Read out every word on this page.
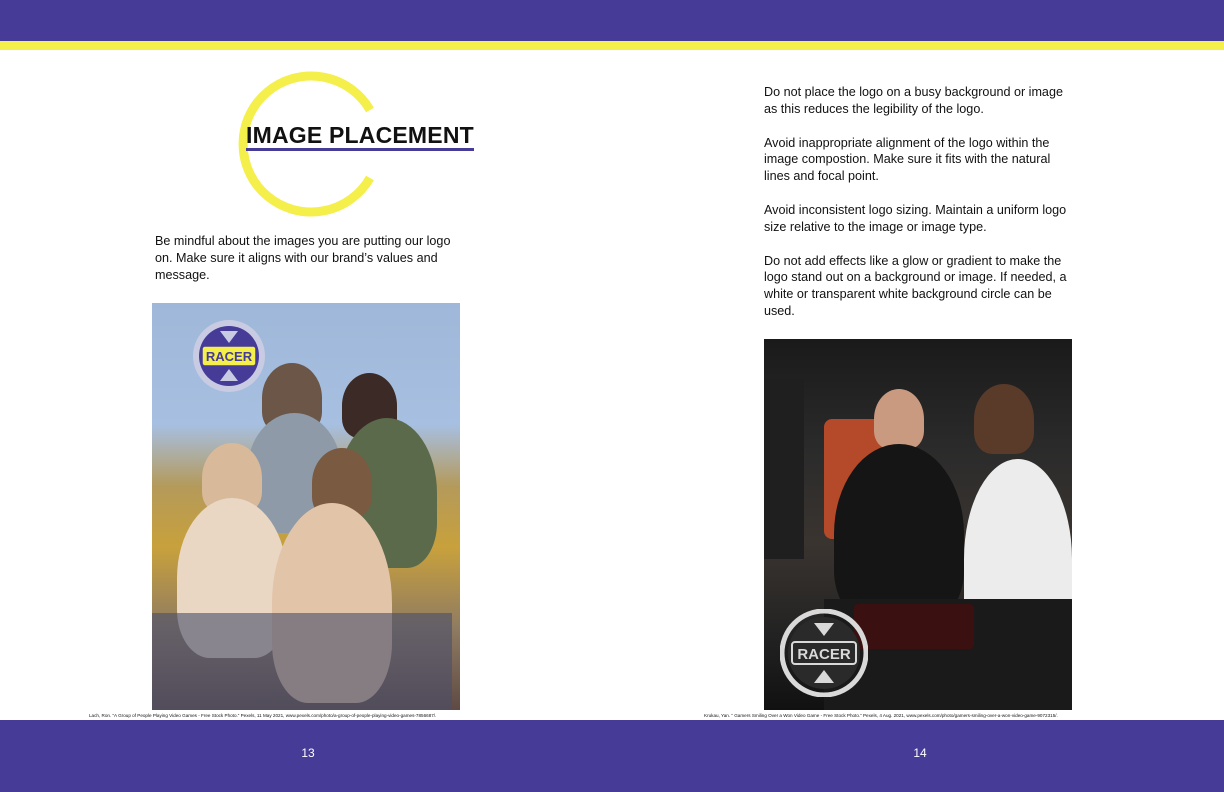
IMAGE PLACEMENT
Be mindful about the images you are putting our logo on. Make sure it aligns with our brand’s values and message.
RACER
Lach, Ron. “A Group of People Playing Video Games - Free Stock Photo.” Pexels, 11 May 2021, www.pexels.com/photo/a-group-of-people-playing-video-games-7856687/.

Do not place the logo on a busy background or image as this reduces the legibility of the logo.

Avoid inappropriate alignment of the logo within the image compostion. Make sure it fits with the natural lines and focal point.

Avoid inconsistent logo sizing. Maintain a uniform logo size relative to the image or image type.

Do not add effects like a glow or gradient to make the logo stand out on a background or image. If needed, a white or transparent white background circle can be used.

RACER
Krukau, Yan. “ Gamers Smiling Over a Won Video Game - Free Stock Photo.” Pexels, 4 Aug. 2021, www.pexels.com/photo/gamers-smiling-over-a-won-video-game-9072315/.
13	14
